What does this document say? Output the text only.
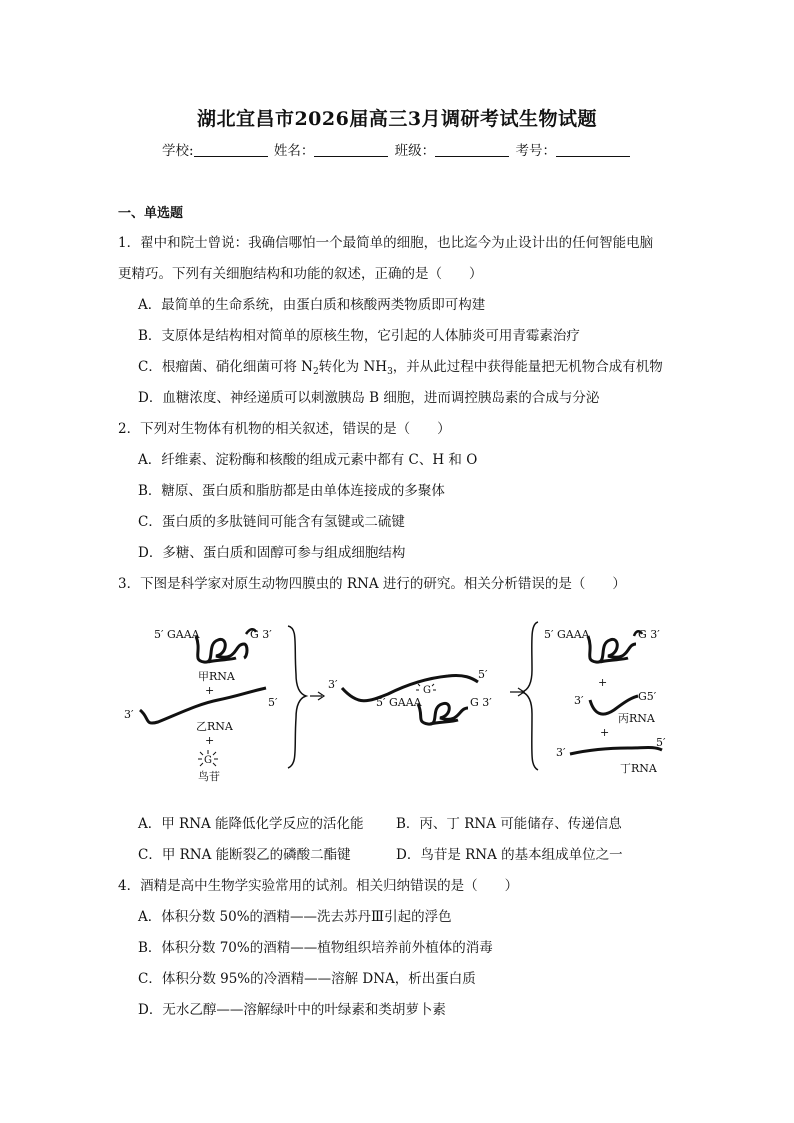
湖北宜昌市2026届高三3月调研考试生物试题
学校:	姓名：	班级：	考号：
一、单选题
1．翟中和院士曾说：我确信哪怕一个最简单的细胞，也比迄今为止设计出的任何智能电脑
更精巧。下列有关细胞结构和功能的叙述，正确的是（　　）
A．最简单的生命系统，由蛋白质和核酸两类物质即可构建
B．支原体是结构相对简单的原核生物，它引起的人体肺炎可用青霉素治疗
C．根瘤菌、硝化细菌可将 $N_2$转化为 $NH_3$，并从此过程中获得能量把无机物合成有机物
D．血糖浓度、神经递质可以刺激胰岛 B 细胞，进而调控胰岛素的合成与分泌
2．下列对生物体有机物的相关叙述，错误的是（　　）
A．纤维素、淀粉酶和核酸的组成元素中都有 C、H 和 O
B．糖原、蛋白质和脂肪都是由单体连接成的多聚体
C．蛋白质的多肽链间可能含有氢键或二硫键
D．多糖、蛋白质和固醇可参与组成细胞结构
3．下图是科学家对原生动物四膜虫的 RNA 进行的研究。相关分析错误的是（　　）
5′ GAAA	G 3′
甲RNA
+
3′
5′
乙RNA
+
G
鸟苷
3′
5′
G
5′ GAAA	G 3′
5′ GAAA	G 3′
+
3′	G5′
丙RNA
+
3′
5′
丁RNA
A．甲 RNA 能降低化学反应的活化能 B．丙、丁 RNA 可能储存、传递信息
C．甲 RNA 能断裂乙的磷酸二酯键	D．鸟苷是 RNA 的基本组成单位之一
4．酒精是高中生物学实验常用的试剂。相关归纳错误的是（　　）
A．体积分数 50%的酒精——洗去苏丹Ⅲ引起的浮色
B．体积分数 70%的酒精——植物组织培养前外植体的消毒
C．体积分数 95%的冷酒精——溶解 DNA，析出蛋白质
D．无水乙醇——溶解绿叶中的叶绿素和类胡萝卜素
